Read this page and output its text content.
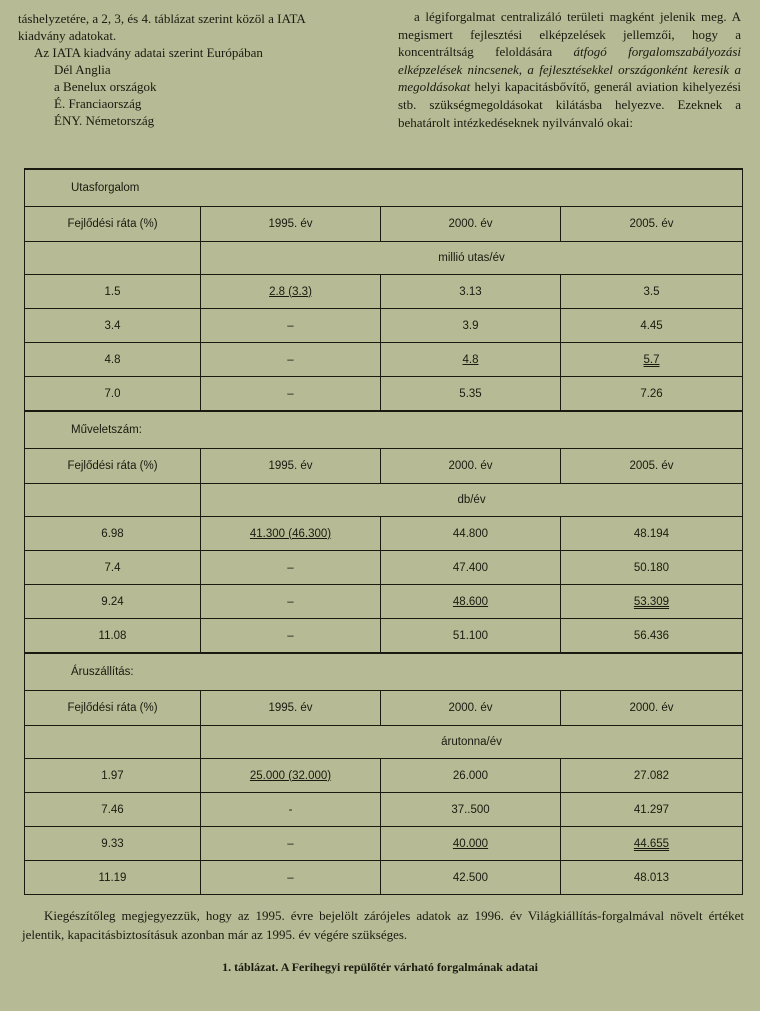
táshelyzetére, a 2, 3, és 4. táblázat szerint közöl a IATA
kiadvány adatokat.
Az IATA kiadvány adatai szerint Európában
Dél Anglia
a Benelux országok
É. Franciaország
ÉNY. Németország
a légiforgalmat centralizáló területi magként jelenik meg. A megismert fejlesztési elképzelések jellemzői, hogy a koncentráltság feloldására átfogó forgalomszabályozási elképzelések nincsenek, a fejlesztésekkel országonként keresik a megoldásokat helyi kapacitásbővítő, generál aviation kihelyezési stb. szükségmegoldásokat kilátásba helyezve. Ezeknek a behatárolt intézkedéseknek nyilvánvaló okai:
Utasforgalom			
Fejlődési ráta (%)	1995. év	2000. év	2005. év
	millió utas/év		
1.5	2.8 (3.3)	3.13	3.5
3.4	–	3.9	4.45
4.8	–	4.8	5.7
7.0	–	5.35	7.26
Műveletszám:			
Fejlődési ráta (%)	1995. év	2000. év	2005. év
	db/év		
6.98	41.300 (46.300)	44.800	48.194
7.4	–	47.400	50.180
9.24	–	48.600	53.309
11.08	–	51.100	56.436
Áruszállítás:			
Fejlődési ráta (%)	1995. év	2000. év	2000. év
	árutonna/év		
1.97	25.000 (32.000)	26.000	27.082
7.46	-	37..500	41.297
9.33	–	40.000	44.655
11.19	–	42.500	48.013
Kiegészítőleg megjegyezzük, hogy az 1995. évre bejelölt zárójeles adatok az 1996. év Világkiállítás-forgalmával növelt értéket jelentik, kapacitásbiztosításuk azonban már az 1995. év végére szükséges.
1. táblázat. A Ferihegyi repülőtér várható forgalmának adatai
